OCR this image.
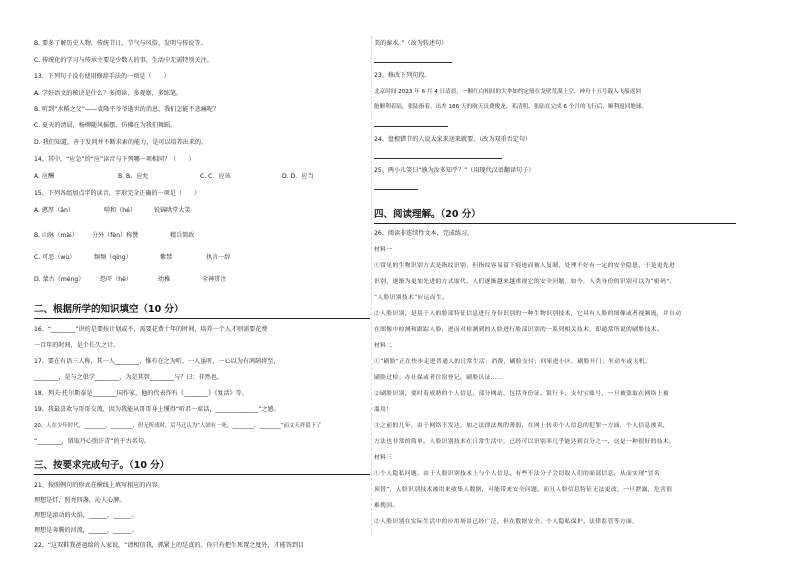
B. 要多了解历史人物、传统节日、节气与风俗、发明与传说等。
C. 传统化的学习与传承主要是少数人的事，生活中无需特别关注。
13、下列句子没有使用修辞手法的一项是（　　）
A. 学好语文的秘诀是什么？多阅读，多观察，多练笔。
B. 听到“水稻之父”——袁隆平爷爷逝世的消息，我们怎能不悲痛呢？
C. 夏天的清晨，杨柳随风摇摆，仿佛在为我们舞蹈。
D. 我们知道，善于发问并不断求索的能力，是可以培养出来的。
14、其中，“应急”的“应”读音与下列哪一项相同？（　　）
A. 应酬	B. B．应允	C. C．应该	D. D．应当
15、下列各组加点字的读音，字形完全正确的一项是（　　）
A. 憨厚（ān）	啃和（hé）	锐锦哄堂大笑
B. 山脉（mài） 分外（fèn）称赞	精兵简政
C. 可恶（wù）	频频（qíng）	紫禁	执言一辞
D. 蒙古（méng）	恐吓（hè）	幼稚	全神贯注
二、根据所学的知识填空（10 分）
16、“________”讲的是要按计划或不，需要花费十年的时间，培养一个人才则需要花费
一百年的时间，是个长久之计。
17、要在有语三人称，其一人________，惟有在之为听。一人虽听，一心以为有鸿鹄将至，
________，是与之俱学________，为是其智________与？曰：非然也。
18、列夫·托尔斯泰是________国作家，他的代表作有《________》《复活》等。
19、我最喜欢与哥哥交流，因为我能从哥哥身上懂得“听君一席话，______________”之感。
20、人在少年时代，________，________，但无所成时，后马迁认为“人固有一死，________，________”而文天祥留下了
“________，留取丹心照汗青”的千古名句。
三、按要求完成句子。（10 分）
21、按照例句的形式在横线上填写相应的内容。
理想是灯，照亮四盏，沁人心脾。
理想是滚动的火焰，______，______。
理想是奔腾的河流，______，______。
22、“这双鞋我爸爸给的人家说，“请相信我，抓紧上的是真的。你只有把生死置之度外，才能答到目
美的秦水。”（改为转述句）
23、修改下列句段。
北京时间 2023 年 6 月 4 日清晨，一颗红白相间的大伞如约定般在戈壁荒漠上空，神舟十五号载人飞船返回
舱顺利着陆，张陆指着，出差 186 天的航天员费俊龙、邓清明、张陆在完成 6 个月的飞行后，顺利返回地球。
24、盘根错节的人说大家来送来就要。（改为双重否定句）
25、两小儿笑曰“孰为汝多知乎？”（用现代汉语翻译句子）
四、阅读理解。（20 分）
26、阅读非连续性文本，完成练习。
材料一
①常见的生物识别方式是指纹识别，但指纹容易留下痕迹而被人复制，处理不好有一定的安全隐患，于是更先进
识别，逐渐为更加先进的方式取代，人们逐渐越来越重视它的安全问题，如今，人类身份的识别可以为“密码”、
“人脸识别技术”应运而生。
②人脸识别，是基于人的脸部特征信息进行身份识别的一种生物识别技术，它具有人脸的图像或者视频流，并自动
在图像中检测和跟踪人脸，进而对检测到的人脸进行脸部识别的一系列相关技术，即通常所说的刷脸技术。
材料二
①“刷脸”正在快步走进普通人的日常生活：消费，刷脸支付；回家进小区，刷脸开门；坐动车或飞机，
刷脸过检；办社保或者住宿登记，刷脸认证……
②刷脸识别，要时着成熟的个人信息，部分网站，包括身份证、银行卡、支付宝账号，一旦被盗取在网络上被
滥用！
③之前的几年，由于网络不发达，加之法律法规的薄弱，在网上转卖个人信息的犯罪一方面，个人信息被卖，
方法也非常的简单。人脸识别技术在日常生活中，已经可以识别率几乎能达到百分之一，这是一种很好的技术。
材料三
①个人隐私问题。由于人脸识别技术上与个人信息，有些不法分子会窃取人们的面部信息，从而实现”冒名
顶替”，人脸识别技术被用来收集人数据，可能带来安全问题。而且人脸信息特征无法更改，一旦泄露，危害很
难挽回。
②人脸识别在实际生活中的应用场景已经广泛，但在数据安全、个人隐私保护、法律监管等方面，
